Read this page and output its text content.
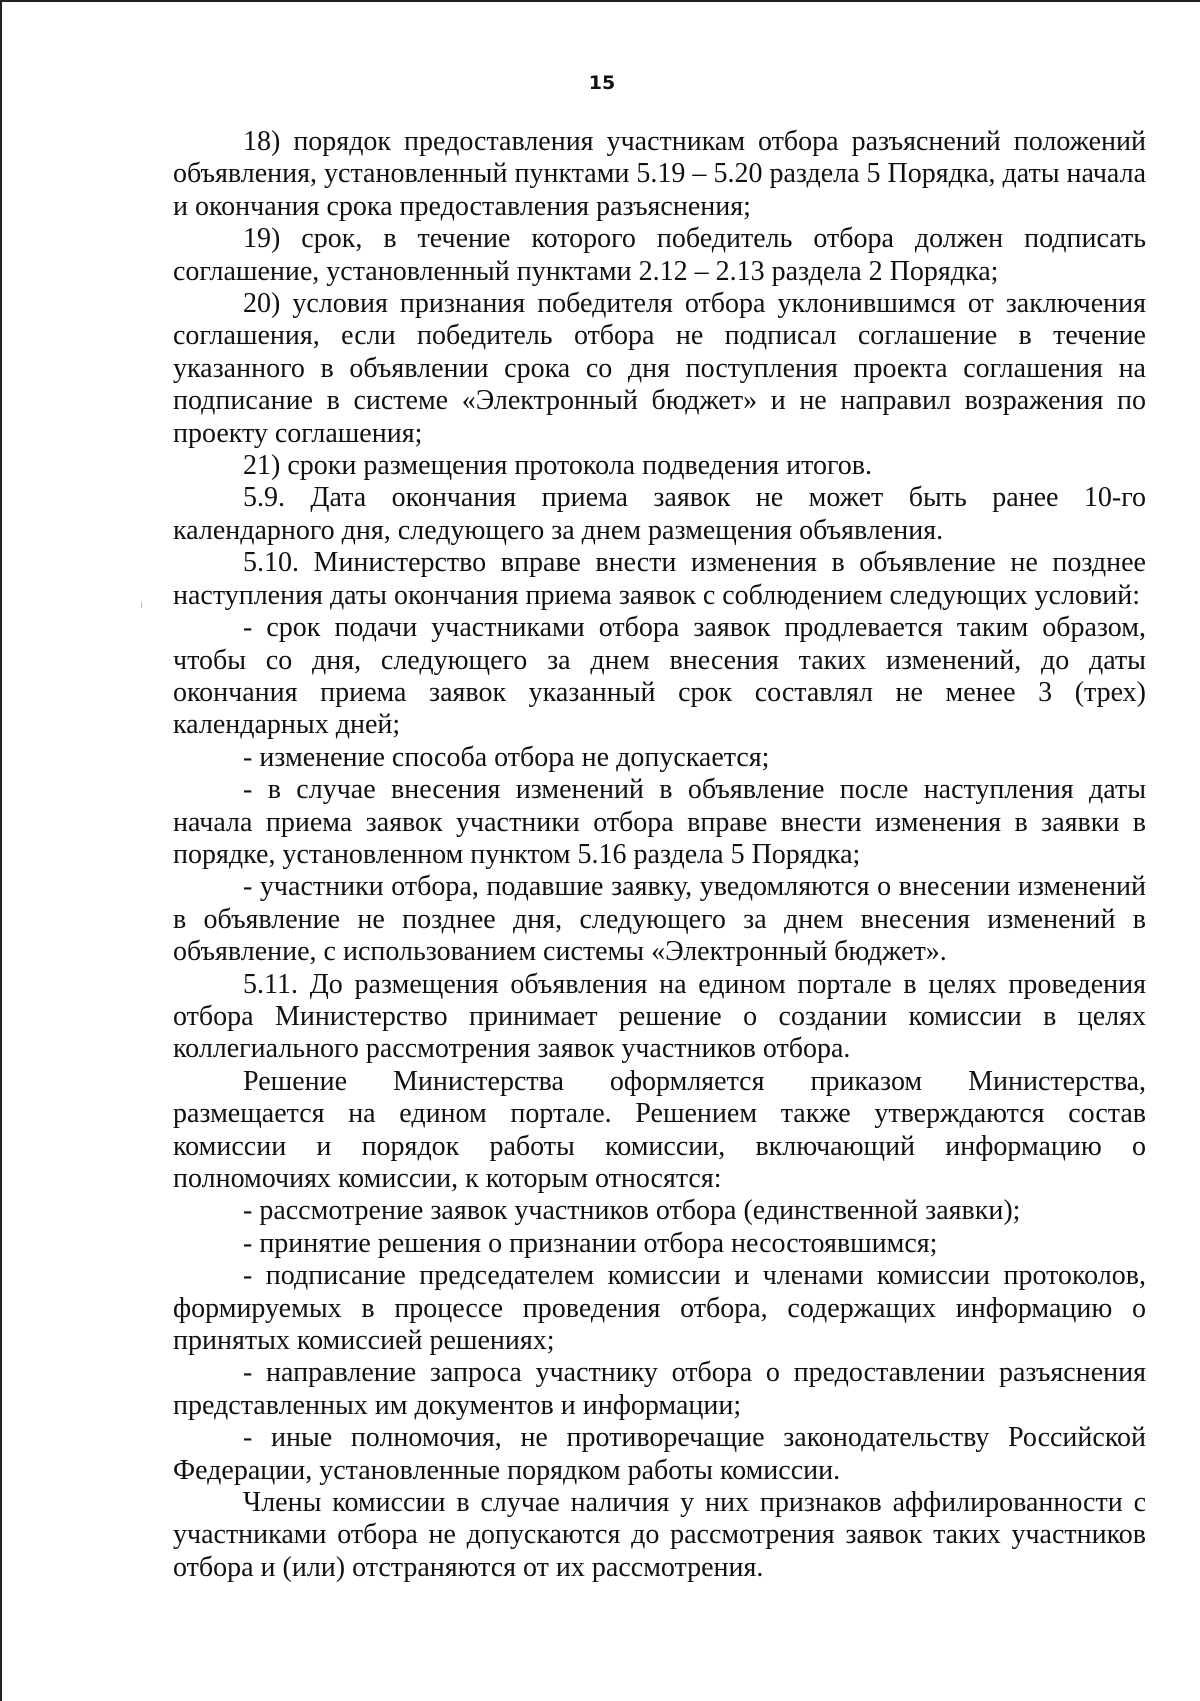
15

18) порядок предоставления участникам отбора разъяснений положений объявления, установленный пунктами 5.19 – 5.20 раздела 5 Порядка, даты начала и окончания срока предоставления разъяснения;

19) срок, в течение которого победитель отбора должен подписать соглашение, установленный пунктами 2.12 – 2.13 раздела 2 Порядка;

20) условия признания победителя отбора уклонившимся от заключения соглашения, если победитель отбора не подписал соглашение в течение указанного в объявлении срока со дня поступления проекта соглашения на подписание в системе «Электронный бюджет» и не направил возражения по проекту соглашения;

21) сроки размещения протокола подведения итогов.

5.9. Дата окончания приема заявок не может быть ранее 10-го календарного дня, следующего за днем размещения объявления.

5.10. Министерство вправе внести изменения в объявление не позднее наступления даты окончания приема заявок с соблюдением следующих условий:

- срок подачи участниками отбора заявок продлевается таким образом, чтобы со дня, следующего за днем внесения таких изменений, до даты окончания приема заявок указанный срок составлял не менее 3 (трех) календарных дней;

- изменение способа отбора не допускается;

- в случае внесения изменений в объявление после наступления даты начала приема заявок участники отбора вправе внести изменения в заявки в порядке, установленном пунктом 5.16 раздела 5 Порядка;

- участники отбора, подавшие заявку, уведомляются о внесении изменений в объявление не позднее дня, следующего за днем внесения изменений в объявление, с использованием системы «Электронный бюджет».

5.11. До размещения объявления на едином портале в целях проведения отбора Министерство принимает решение о создании комиссии в целях коллегиального рассмотрения заявок участников отбора.

Решение Министерства оформляется приказом Министерства, размещается на едином портале. Решением также утверждаются состав комиссии и порядок работы комиссии, включающий информацию о полномочиях комиссии, к которым относятся:

- рассмотрение заявок участников отбора (единственной заявки);

- принятие решения о признании отбора несостоявшимся;

- подписание председателем комиссии и членами комиссии протоколов, формируемых в процессе проведения отбора, содержащих информацию о принятых комиссией решениях;

- направление запроса участнику отбора о предоставлении разъяснения представленных им документов и информации;

- иные полномочия, не противоречащие законодательству Российской Федерации, установленные порядком работы комиссии.

Члены комиссии в случае наличия у них признаков аффилированности с участниками отбора не допускаются до рассмотрения заявок таких участников отбора и (или) отстраняются от их рассмотрения.
